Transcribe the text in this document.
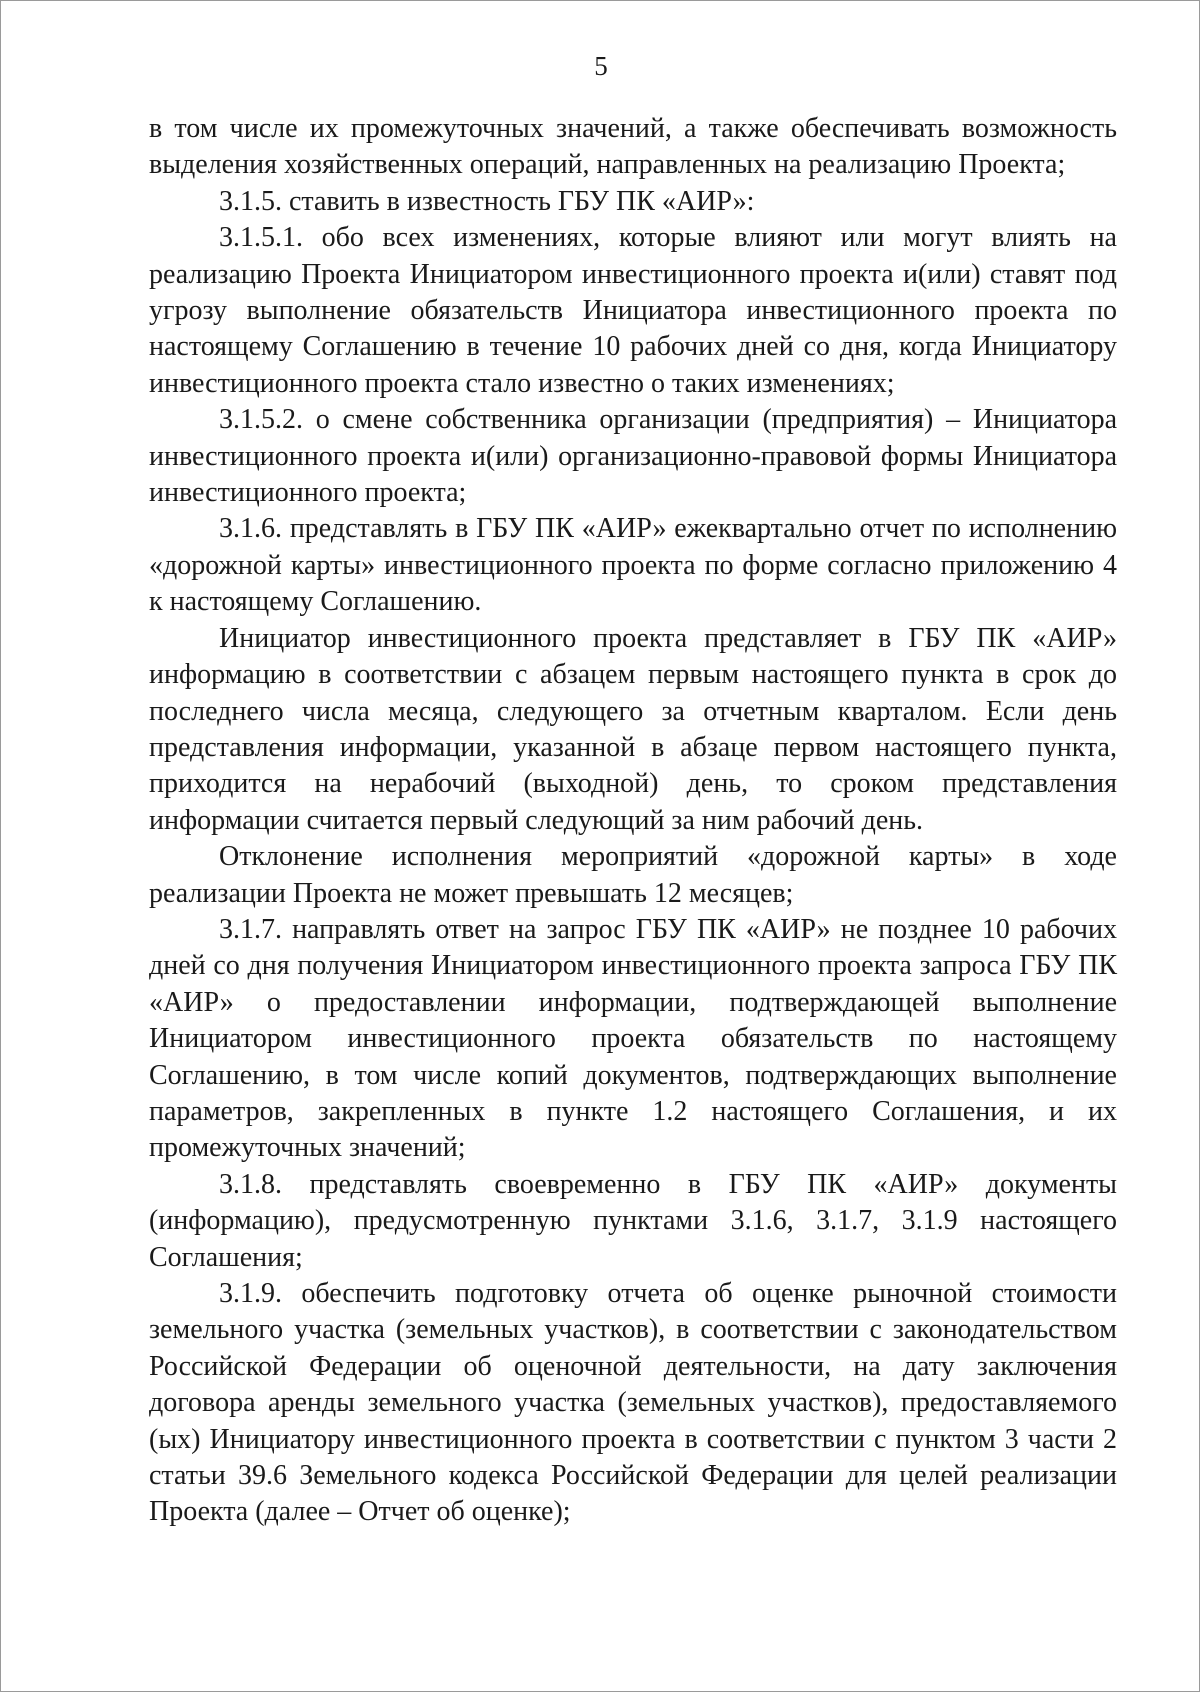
5

в том числе их промежуточных значений, а также обеспечивать возможность выделения хозяйственных операций, направленных на реализацию Проекта;

3.1.5. ставить в известность ГБУ ПК «АИР»:

3.1.5.1. обо всех изменениях, которые влияют или могут влиять на реализацию Проекта Инициатором инвестиционного проекта и(или) ставят под угрозу выполнение обязательств Инициатора инвестиционного проекта по настоящему Соглашению в течение 10 рабочих дней со дня, когда Инициатору инвестиционного проекта стало известно о таких изменениях;

3.1.5.2. о смене собственника организации (предприятия) – Инициатора инвестиционного проекта и(или) организационно-правовой формы Инициатора инвестиционного проекта;

3.1.6. представлять в ГБУ ПК «АИР» ежеквартально отчет по исполнению «дорожной карты» инвестиционного проекта по форме согласно приложению 4 к настоящему Соглашению.

Инициатор инвестиционного проекта представляет в ГБУ ПК «АИР» информацию в соответствии с абзацем первым настоящего пункта в срок до последнего числа месяца, следующего за отчетным кварталом. Если день представления информации, указанной в абзаце первом настоящего пункта, приходится на нерабочий (выходной) день, то сроком представления информации считается первый следующий за ним рабочий день.

Отклонение исполнения мероприятий «дорожной карты» в ходе реализации Проекта не может превышать 12 месяцев;

3.1.7. направлять ответ на запрос ГБУ ПК «АИР» не позднее 10 рабочих дней со дня получения Инициатором инвестиционного проекта запроса ГБУ ПК «АИР» о предоставлении информации, подтверждающей выполнение Инициатором инвестиционного проекта обязательств по настоящему Соглашению, в том числе копий документов, подтверждающих выполнение параметров, закрепленных в пункте 1.2 настоящего Соглашения, и их промежуточных значений;

3.1.8. представлять своевременно в ГБУ ПК «АИР» документы (информацию), предусмотренную пунктами 3.1.6, 3.1.7, 3.1.9 настоящего Соглашения;

3.1.9. обеспечить подготовку отчета об оценке рыночной стоимости земельного участка (земельных участков), в соответствии с законодательством Российской Федерации об оценочной деятельности, на дату заключения договора аренды земельного участка (земельных участков), предоставляемого (ых) Инициатору инвестиционного проекта в соответствии с пунктом 3 части 2 статьи 39.6 Земельного кодекса Российской Федерации для целей реализации Проекта (далее – Отчет об оценке);
